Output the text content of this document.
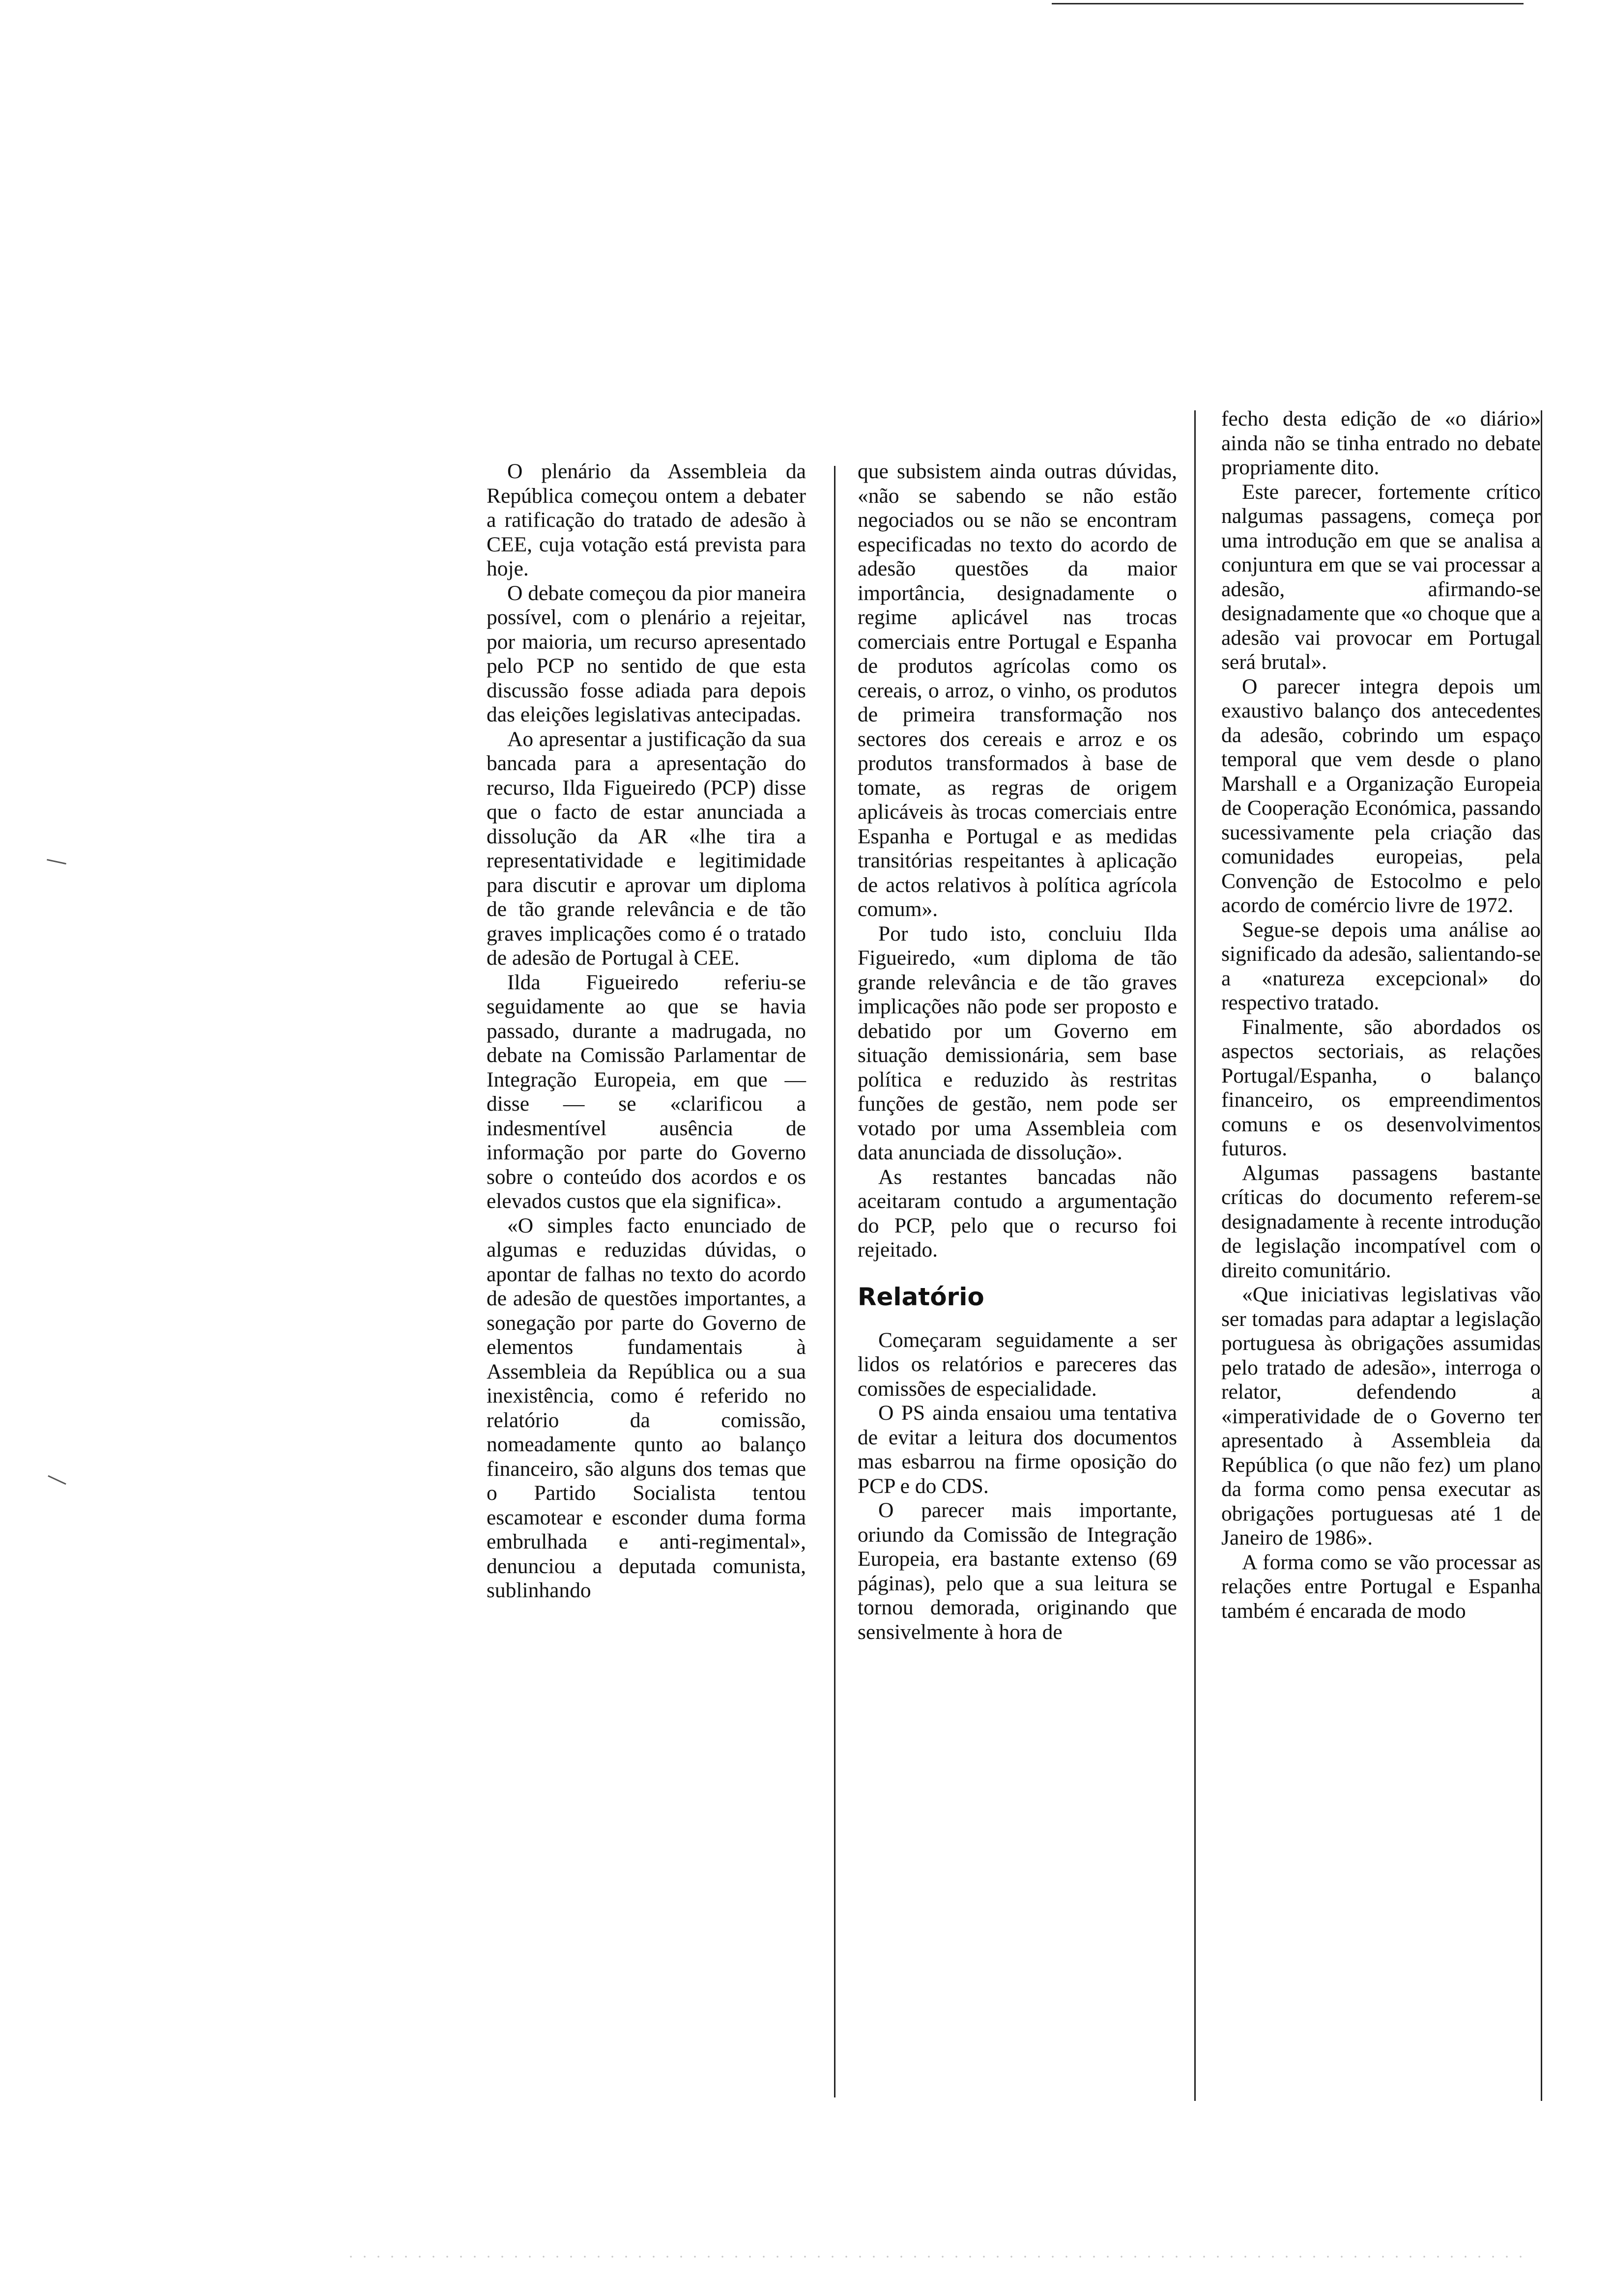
O plenário da Assembleia da República começou ontem a debater a ratificação do tratado de adesão à CEE, cuja votação está prevista para hoje.

O debate começou da pior maneira possível, com o plenário a rejeitar, por maioria, um recurso apresentado pelo PCP no sentido de que esta discussão fosse adiada para depois das eleições legislativas antecipadas.

Ao apresentar a justificação da sua bancada para a apresentação do recurso, Ilda Figueiredo (PCP) disse que o facto de estar anunciada a dissolução da AR «lhe tira a representatividade e legitimidade para discutir e aprovar um diploma de tão grande relevância e de tão graves implicações como é o tratado de adesão de Portugal à CEE.

Ilda Figueiredo referiu-se seguidamente ao que se havia passado, durante a madrugada, no debate na Comissão Parlamentar de Integração Europeia, em que — disse — se «clarificou a indesmentível ausência de informação por parte do Governo sobre o conteúdo dos acordos e os elevados custos que ela significa».

«O simples facto enunciado de algumas e reduzidas dúvidas, o apontar de falhas no texto do acordo de adesão de questões importantes, a sonegação por parte do Governo de elementos fundamentais à Assembleia da República ou a sua inexistência, como é referido no relatório da comissão, nomeadamente qunto ao balanço financeiro, são alguns dos temas que o Partido Socialista tentou escamotear e esconder duma forma embrulhada e anti-regimental», denunciou a deputada comunista, sublinhando

que subsistem ainda outras dúvidas, «não se sabendo se não estão negociados ou se não se encontram especificadas no texto do acordo de adesão questões da maior importância, designadamente o regime aplicável nas trocas comerciais entre Portugal e Espanha de produtos agrícolas como os cereais, o arroz, o vinho, os produtos de primeira transformação nos sectores dos cereais e arroz e os produtos transformados à base de tomate, as regras de origem aplicáveis às trocas comerciais entre Espanha e Portugal e as medidas transitórias respeitantes à aplicação de actos relativos à política agrícola comum».

Por tudo isto, concluiu Ilda Figueiredo, «um diploma de tão grande relevância e de tão graves implicações não pode ser proposto e debatido por um Governo em situação demissionária, sem base política e reduzido às restritas funções de gestão, nem pode ser votado por uma Assembleia com data anunciada de dissolução».

As restantes bancadas não aceitaram contudo a argumentação do PCP, pelo que o recurso foi rejeitado.

Relatório

Começaram seguidamente a ser lidos os relatórios e pareceres das comissões de especialidade.

O PS ainda ensaiou uma tentativa de evitar a leitura dos documentos mas esbarrou na firme oposição do PCP e do CDS.

O parecer mais importante, oriundo da Comissão de Integração Europeia, era bastante extenso (69 páginas), pelo que a sua leitura se tornou demorada, originando que sensivelmente à hora de

fecho desta edição de «o diário» ainda não se tinha entrado no debate propriamente dito.

Este parecer, fortemente crítico nalgumas passagens, começa por uma introdução em que se analisa a conjuntura em que se vai processar a adesão, afirmando-se designadamente que «o choque que a adesão vai provocar em Portugal será brutal».

O parecer integra depois um exaustivo balanço dos antecedentes da adesão, cobrindo um espaço temporal que vem desde o plano Marshall e a Organização Europeia de Cooperação Económica, passando sucessivamente pela criação das comunidades europeias, pela Convenção de Estocolmo e pelo acordo de comércio livre de 1972.

Segue-se depois uma análise ao significado da adesão, salientando-se a «natureza excepcional» do respectivo tratado.

Finalmente, são abordados os aspectos sectoriais, as relações Portugal/Espanha, o balanço financeiro, os empreendimentos comuns e os desenvolvimentos futuros.

Algumas passagens bastante críticas do documento referem-se designadamente à recente introdução de legislação incompatível com o direito comunitário.

«Que iniciativas legislativas vão ser tomadas para adaptar a legislação portuguesa às obrigações assumidas pelo tratado de adesão», interroga o relator, defendendo a «imperatividade de o Governo ter apresentado à Assembleia da República (o que não fez) um plano da forma como pensa executar as obrigações portuguesas até 1 de Janeiro de 1986».

A forma como se vão processar as relações entre Portugal e Espanha também é encarada de modo
